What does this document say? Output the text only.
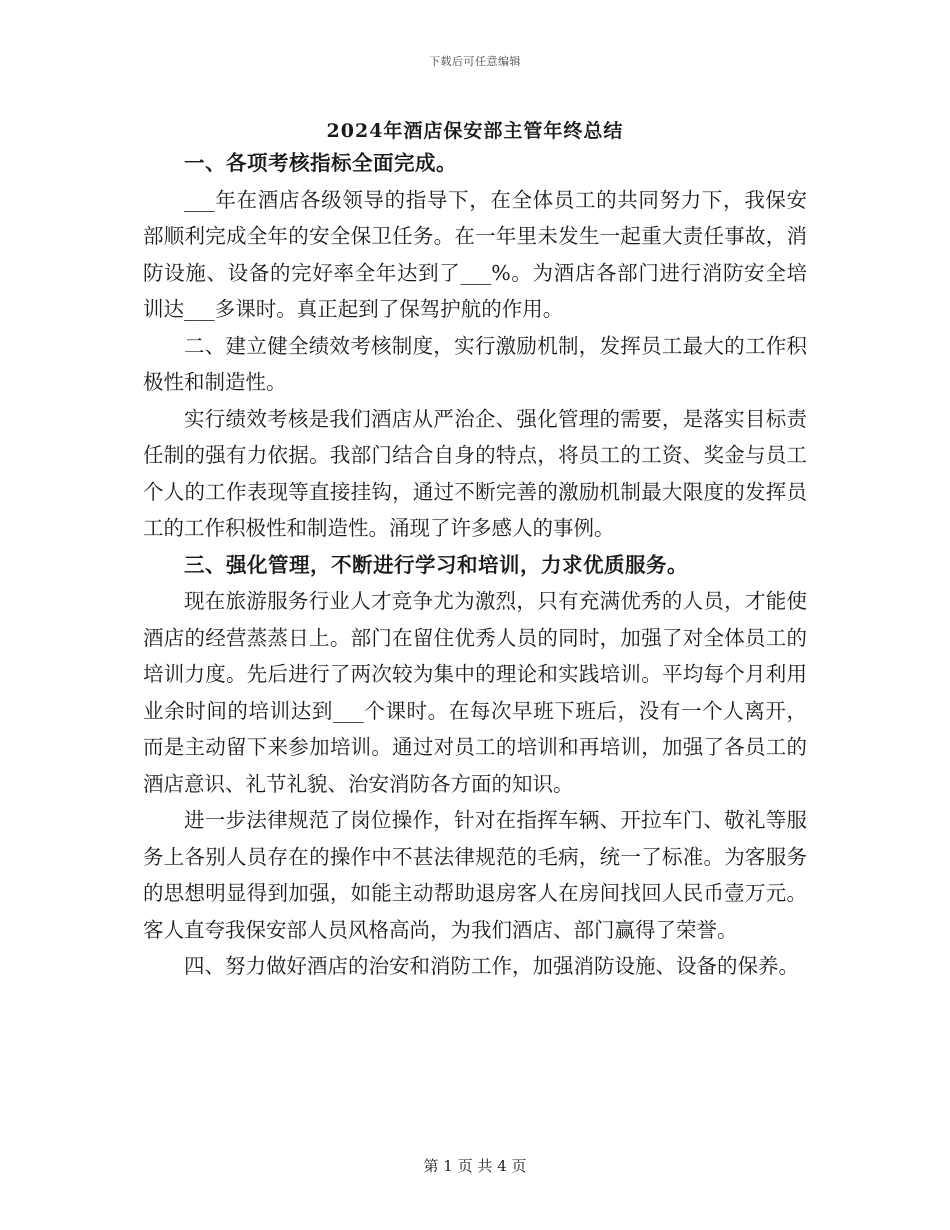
下载后可任意编辑
2024年酒店保安部主管年终总结

一、各项考核指标全面完成。

___年在酒店各级领导的指导下，在全体员工的共同努力下，我保安部顺利完成全年的安全保卫任务。在一年里未发生一起重大责任事故，消防设施、设备的完好率全年达到了___%。为酒店各部门进行消防安全培训达___多课时。真正起到了保驾护航的作用。

二、建立健全绩效考核制度，实行激励机制，发挥员工最大的工作积极性和制造性。

实行绩效考核是我们酒店从严治企、强化管理的需要，是落实目标责任制的强有力依据。我部门结合自身的特点，将员工的工资、奖金与员工个人的工作表现等直接挂钩，通过不断完善的激励机制最大限度的发挥员工的工作积极性和制造性。涌现了许多感人的事例。

三、强化管理，不断进行学习和培训，力求优质服务。

现在旅游服务行业人才竞争尤为激烈，只有充满优秀的人员，才能使酒店的经营蒸蒸日上。部门在留住优秀人员的同时，加强了对全体员工的培训力度。先后进行了两次较为集中的理论和实践培训。平均每个月利用业余时间的培训达到___个课时。在每次早班下班后，没有一个人离开，而是主动留下来参加培训。通过对员工的培训和再培训，加强了各员工的酒店意识、礼节礼貌、治安消防各方面的知识。

进一步法律规范了岗位操作，针对在指挥车辆、开拉车门、敬礼等服务上各别人员存在的操作中不甚法律规范的毛病，统一了标准。为客服务的思想明显得到加强，如能主动帮助退房客人在房间找回人民币壹万元。客人直夸我保安部人员风格高尚，为我们酒店、部门赢得了荣誉。

四、努力做好酒店的治安和消防工作，加强消防设施、设备的保养。

第 1 页 共 4 页
